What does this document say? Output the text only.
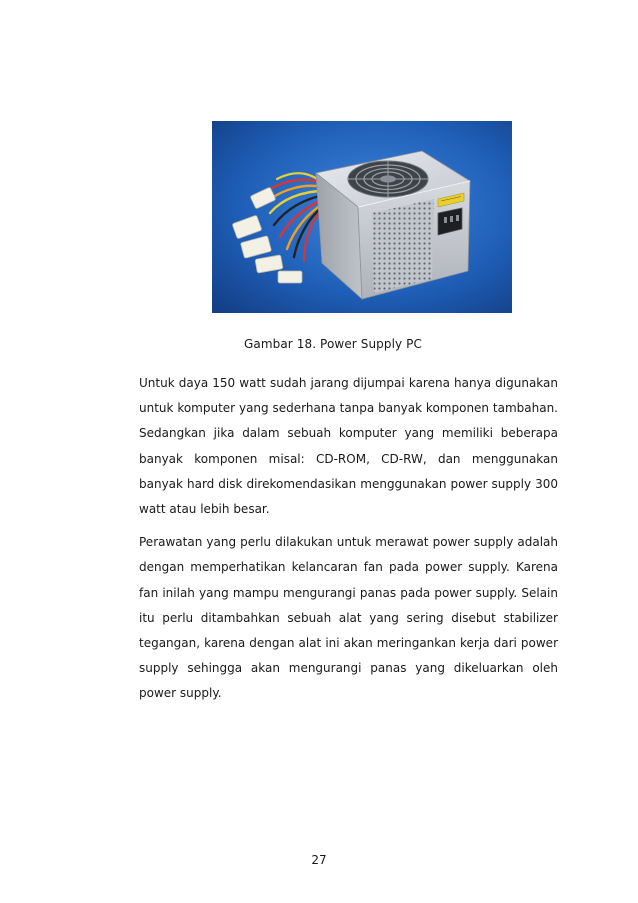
Gambar 18. Power Supply PC

Untuk daya 150 watt sudah jarang dijumpai karena hanya digunakan untuk komputer yang sederhana tanpa banyak komponen tambahan. Sedangkan jika dalam sebuah komputer yang memiliki beberapa banyak komponen misal: CD-ROM, CD-RW, dan menggunakan banyak hard disk direkomendasikan menggunakan power supply 300 watt atau lebih besar.

Perawatan yang perlu dilakukan untuk merawat power supply adalah dengan memperhatikan kelancaran fan pada power supply. Karena fan inilah yang mampu mengurangi panas pada power supply. Selain itu perlu ditambahkan sebuah alat yang sering disebut stabilizer tegangan, karena dengan alat ini akan meringankan kerja dari power supply sehingga akan mengurangi panas yang dikeluarkan oleh power supply.

27
